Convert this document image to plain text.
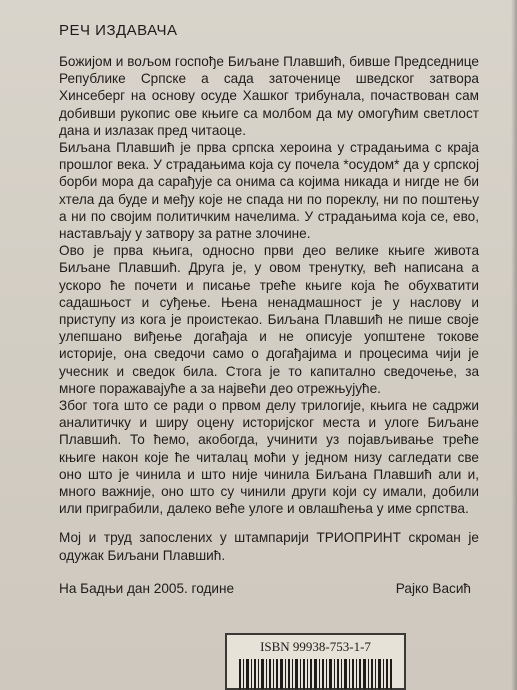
РЕЧ ИЗДАВАЧА

Божијом и вољом госпође Биљане Плавшић, бивше Председнице Републике Српске а сада заточенице шведског затвора Хинсеберг на основу осуде Хашког трибунала, почаствован сам добивши рукопис ове књиге са молбом да му омогућим светлост дана и излазак пред читаоце.

Биљана Плавшић је прва српска хероина у страдањима с краја прошлог века. У страдањима која су почела *осудом* да у српској борби мора да сарађује са онима са којима никада и нигде не би хтела да буде и међу које не спада ни по пореклу, ни по поштењу а ни по својим политичким начелима. У страдањима која се, ево, настављају у затвору за ратне злочине.

Ово је прва књига, односно први део велике књиге живота Биљане Плавшић. Друга је, у овом тренутку, већ написана а ускоро ће почети и писање треће књиге која ће обухватити садашњост и суђење. Њена ненадмашност је у наслову и приступу из кога је проистекао. Биљана Плавшић не пише своје улепшано виђење догађаја и не описује уопштене токове историје, она сведочи само о догађајима и процесима чији је учесник и сведок била. Стога је то капитално сведочење, за многе поражавајуће а за највећи део отрежњујуће.

Због тога што се ради о првом делу трилогије, књига не садржи аналитичку и ширу оцену историјског места и улоге Биљане Плавшић. То ћемо, акобогда, учинити уз појављивање треће књиге након које ће читалац моћи у једном низу сагледати све оно што је чинила и што није чинила Биљана Плавшић али и, много важније, оно што су чинили други који су имали, добили или приграбили, далеко веће улоге и овлашћења у име српства.

Мој и труд запослених у штампарији ТРИОПРИНТ скроман је одужак Биљани Плавшић.

На Бадњи дан 2005. године	Рајко Васић
ISBN 99938-753-1-7
